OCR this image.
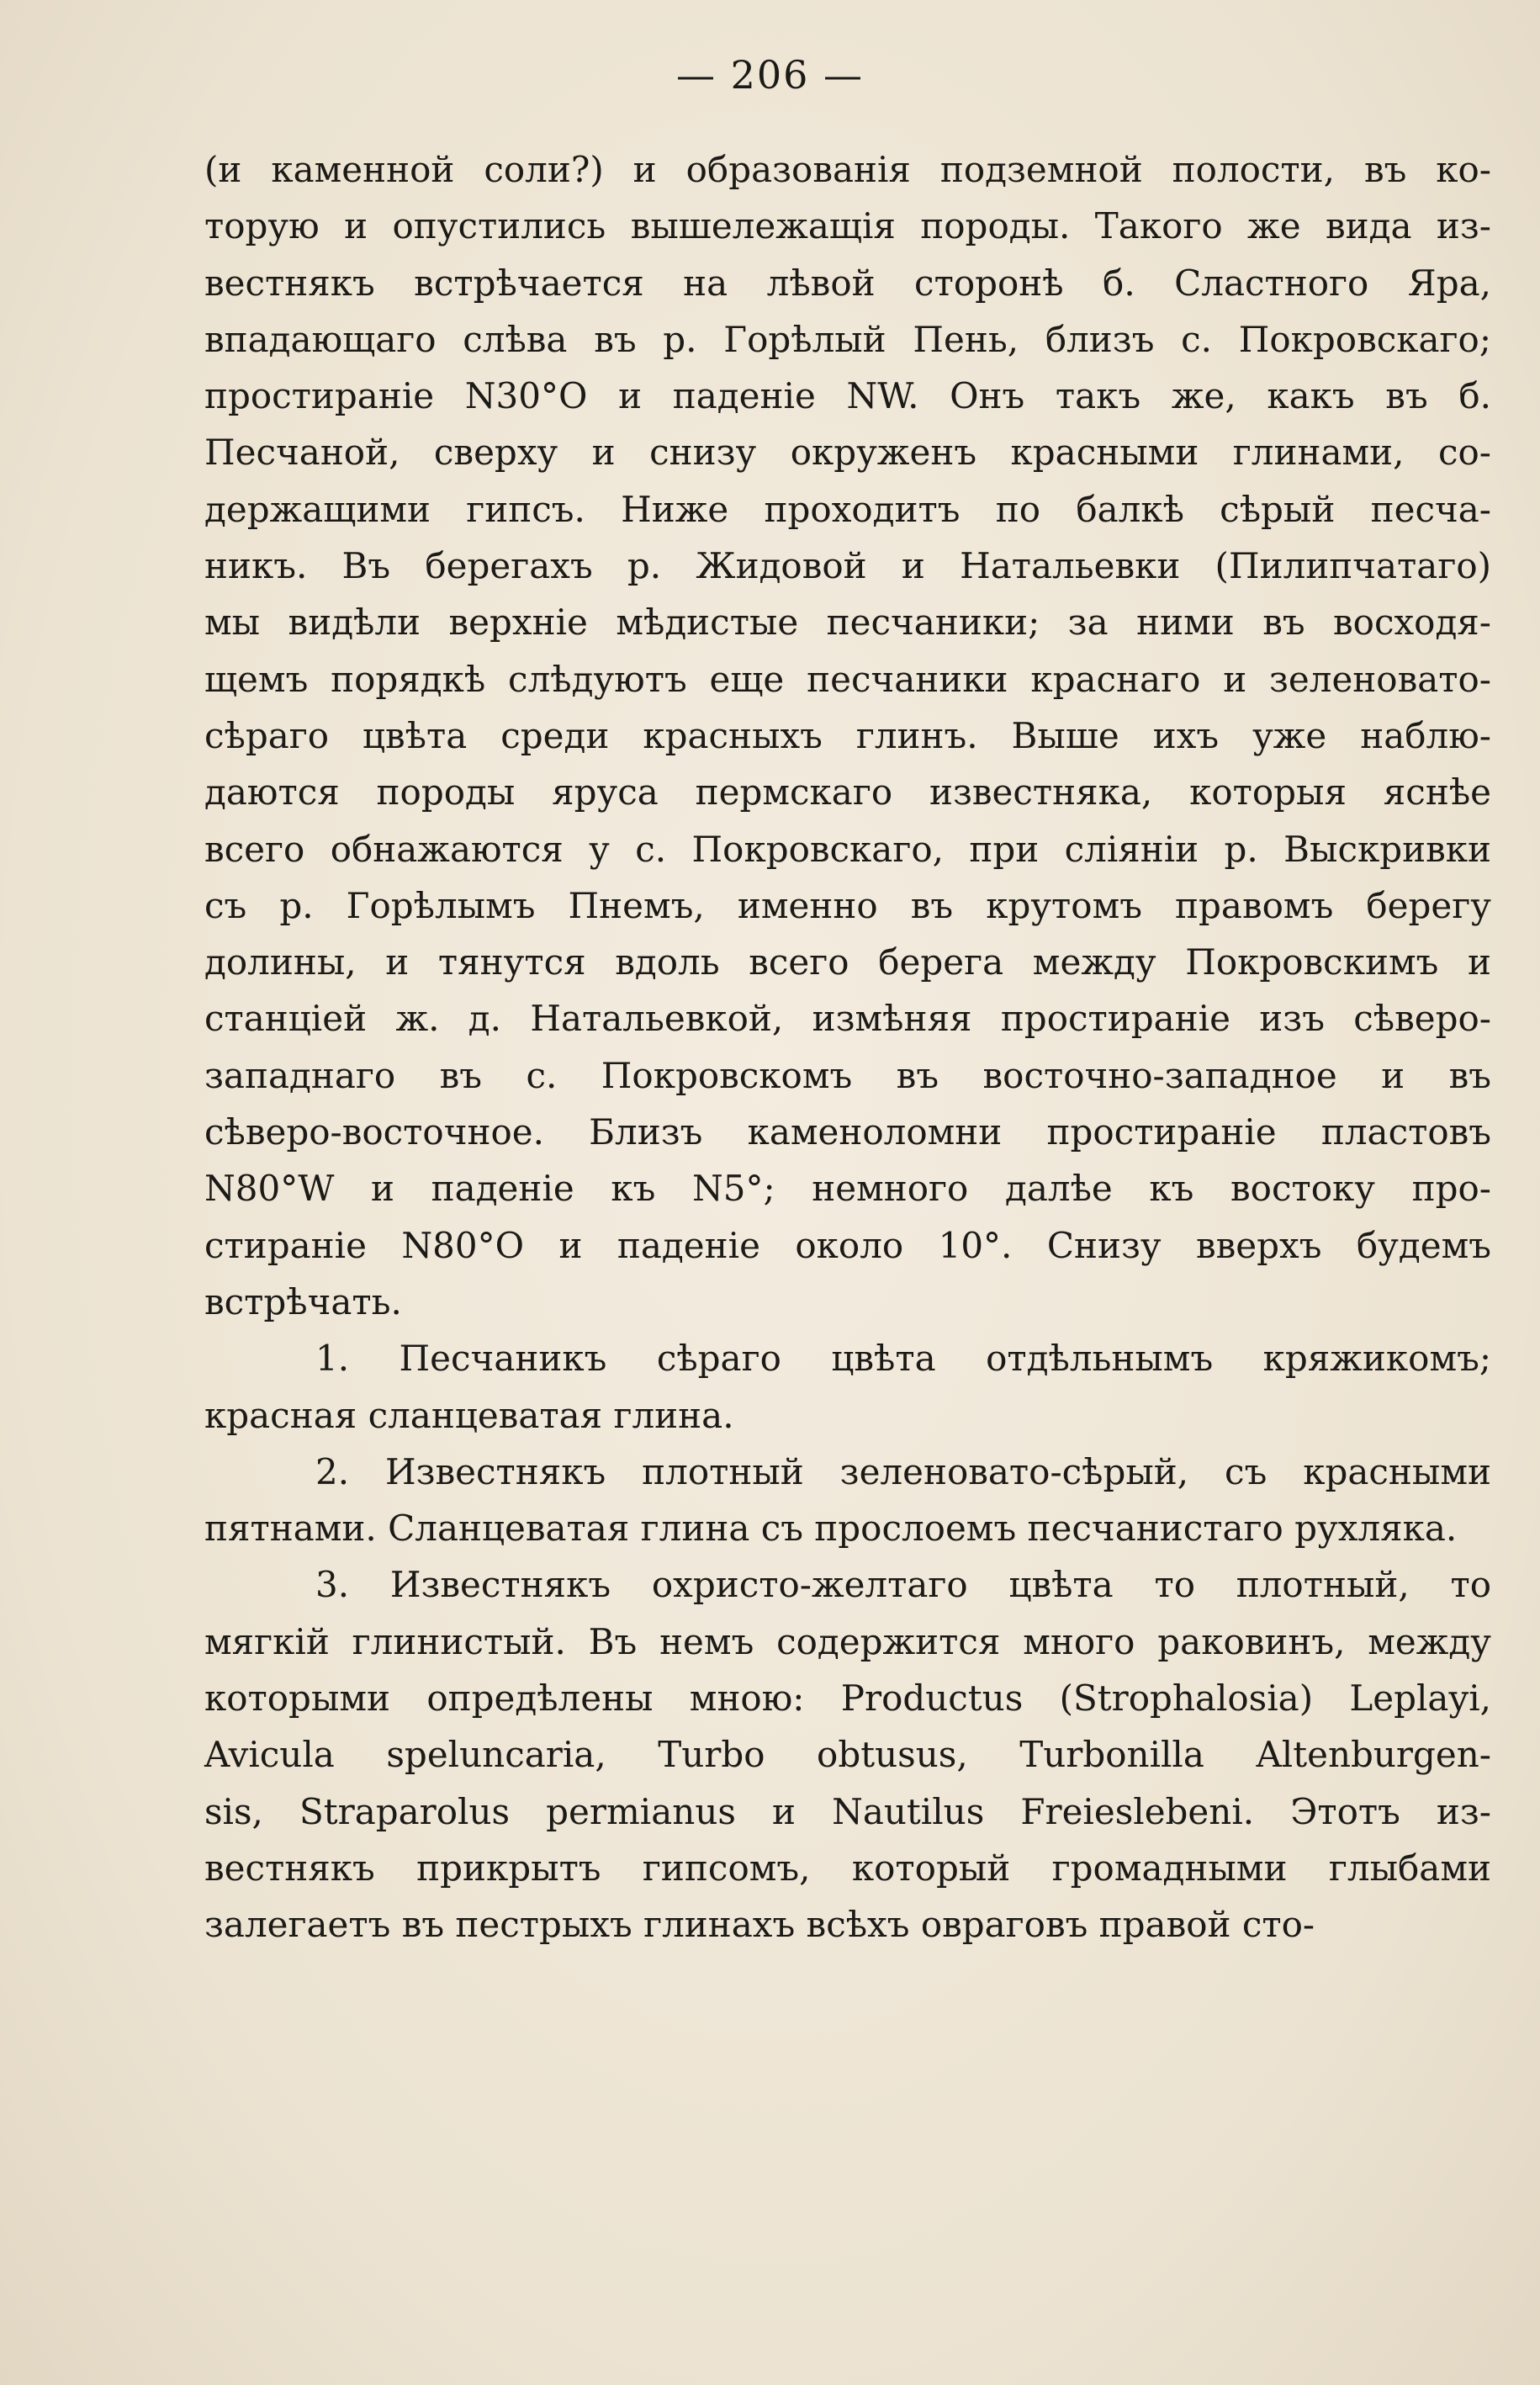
— 206 —
(и каменной соли?) и образованія подземной полости, въ ко-
торую и опустились вышележащія породы. Такого же вида из-
вестнякъ встрѣчается на лѣвой сторонѣ б. Сластного Яра,
впадающаго слѣва въ р. Горѣлый Пень, близъ с. Покровскаго;
простираніе N30°O и паденіе NW. Онъ такъ же, какъ въ б.
Песчаной, сверху и снизу окруженъ красными глинами, со-
держащими гипсъ. Ниже проходитъ по балкѣ сѣрый песча-
никъ. Въ берегахъ р. Жидовой и Натальевки (Пилипчатаго)
мы видѣли верхніе мѣдистые песчаники; за ними въ восходя-
щемъ порядкѣ слѣдуютъ еще песчаники краснаго и зеленовато-
сѣраго цвѣта среди красныхъ глинъ. Выше ихъ уже наблю-
даются породы яруса пермскаго известняка, которыя яснѣе
всего обнажаются у с. Покровскаго, при сліяніи р. Выскривки
съ р. Горѣлымъ Пнемъ, именно въ крутомъ правомъ берегу
долины, и тянутся вдоль всего берега между Покровскимъ и
станціей ж. д. Натальевкой, измѣняя простираніе изъ сѣверо-
западнаго въ с. Покровскомъ въ восточно-западное и въ
сѣверо-восточное. Близъ каменоломни простираніе пластовъ
N80°W и паденіе къ N5°; немного далѣе къ востоку про-
стираніе N80°O и паденіе около 10°. Снизу вверхъ будемъ
встрѣчать.
1. Песчаникъ сѣраго цвѣта отдѣльнымъ кряжикомъ;
красная сланцеватая глина.
2. Известнякъ плотный зеленовато-сѣрый, съ красными
пятнами. Сланцеватая глина съ прослоемъ песчанистаго рухляка.
3. Известнякъ охристо-желтаго цвѣта то плотный, то
мягкій глинистый. Въ немъ содержится много раковинъ, между
которыми опредѣлены мною: Productus (Strophalosia) Leplayi,
Avicula speluncaria, Turbo obtusus, Turbonilla Altenburgen-
sis, Straparolus permianus и Nautilus Freieslebeni. Этотъ из-
вестнякъ прикрытъ гипсомъ, который громадными глыбами
залегаетъ въ пестрыхъ глинахъ всѣхъ овраговъ правой сто-
